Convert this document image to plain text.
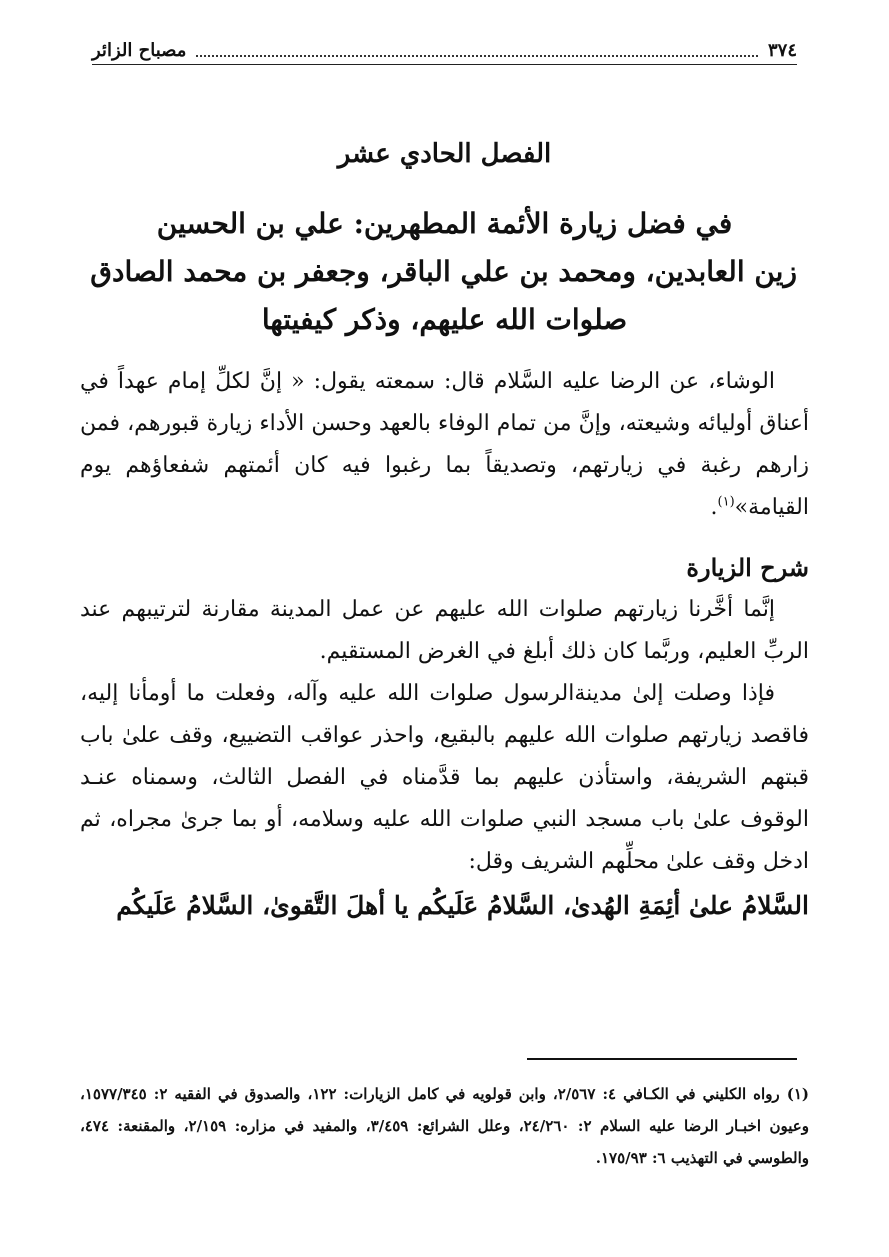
٣٧٤
مصباح الزائر
الفصل الحادي عشر
في فضل زيارة الأئمة المطهرين: علي بن الحسين
زين العابدين، ومحمد بن علي الباقر، وجعفر بن محمد الصادق
صلوات الله عليهم، وذكر كيفيتها

الوشاء، عن الرضا عليه السَّلام قال: سمعته يقول: « إنَّ لكلِّ إمام عهداً في أعناق أوليائه وشيعته، وإنَّ من تمام الوفاء بالعهد وحسن الأداء زيارة قبورهم، فمن زارهم رغبة في زيارتهم، وتصديقاً بما رغبوا فيه كان أئمتهم شفعاؤهم يوم القيامة»$^{(١)}$.

شرح الزيارة

إنَّما أخَّرنا زيارتهم صلوات الله عليهم عن عمل المدينة مقارنة لترتيبهم عند الربِّ العليم، وربَّما كان ذلك أبلغ في الغرض المستقيم.

فإذا وصلت إلىٰ مدينةالرسول صلوات الله عليه وآله، وفعلت ما أومأنا إليه، فاقصد زيارتهم صلوات الله عليهم بالبقيع، واحذر عواقب التضييع، وقف علىٰ باب قبتهم الشريفة، واستأذن عليهم بما قدَّمناه في الفصل الثالث، وسمناه عنـد الوقوف علىٰ باب مسجد النبي صلوات الله عليه وسلامه، أو بما جرىٰ مجراه، ثم ادخل وقف علىٰ محلِّهم الشريف وقل:

السَّلامُ علىٰ أئِمَةِ الهُدىٰ، السَّلامُ عَلَيكُم يا أهلَ التَّقوىٰ، السَّلامُ عَلَيكُم

(١) رواه الكليني في الكـافي ٤: ٢/٥٦٧، وابن قولويه في كامل الزيارات: ١٢٢، والصدوق في الفقيه ٢: ١٥٧٧/٣٤٥، وعيون اخبـار الرضا عليه السلام ٢: ٢٤/٢٦٠، وعلل الشرائع: ٣/٤٥٩، والمفيد في مزاره: ٢/١٥٩، والمقنعة: ٤٧٤، والطوسي في التهذيب ٦: ١٧٥/٩٣.
